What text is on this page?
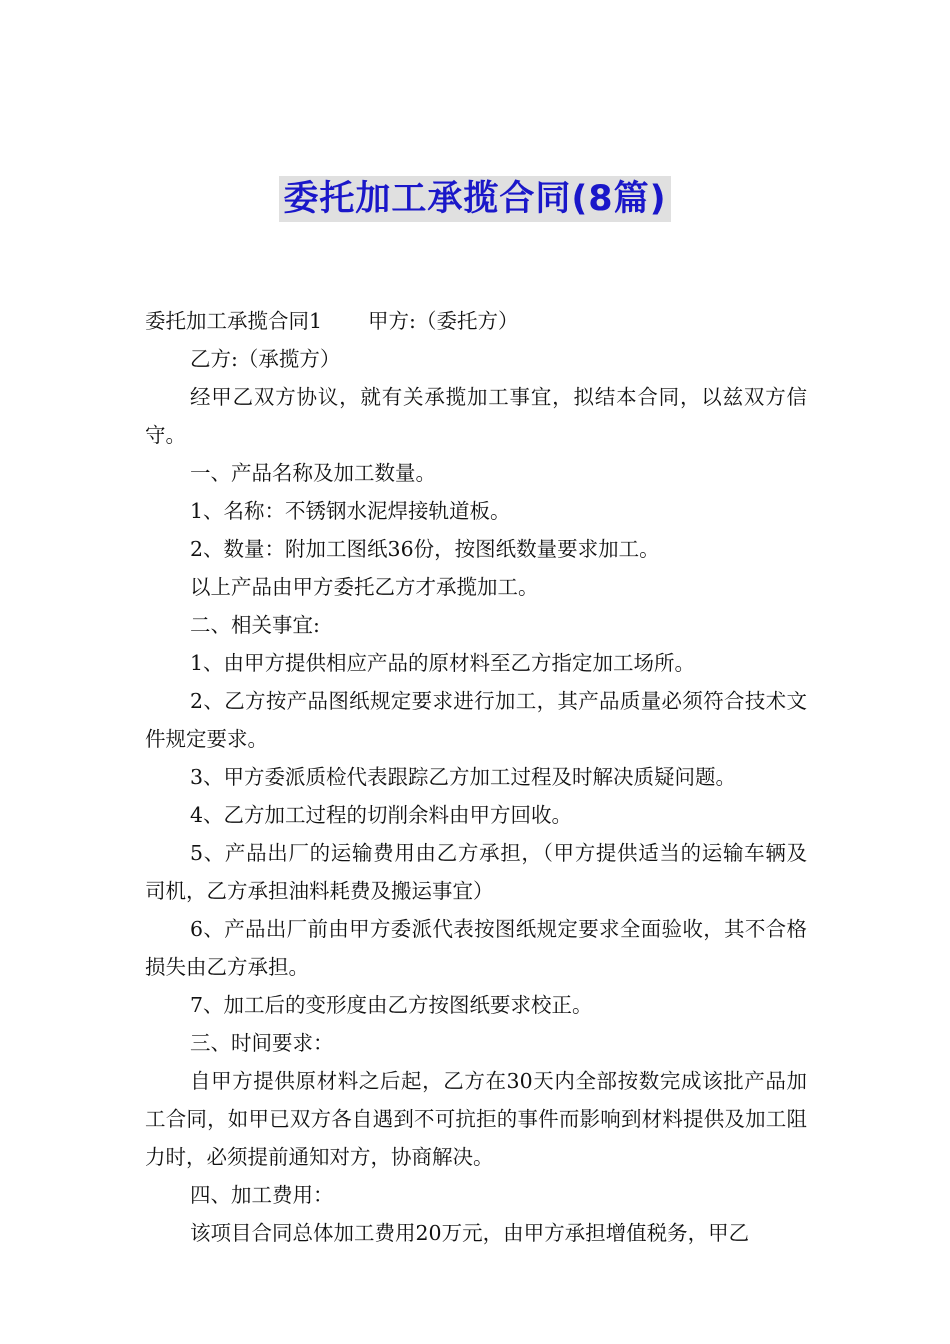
委托加工承揽合同(8篇)

委托加工承揽合同1 甲方:（委托方）

乙方:（承揽方）

经甲乙双方协议，就有关承揽加工事宜，拟结本合同，以兹双方信守。

一、产品名称及加工数量。

1、名称：不锈钢水泥焊接轨道板。

2、数量：附加工图纸36份，按图纸数量要求加工。

以上产品由甲方委托乙方才承揽加工。

二、相关事宜:

1、由甲方提供相应产品的原材料至乙方指定加工场所。

2、乙方按产品图纸规定要求进行加工，其产品质量必须符合技术文件规定要求。

3、甲方委派质检代表跟踪乙方加工过程及时解决质疑问题。

4、乙方加工过程的切削余料由甲方回收。

5、产品出厂的运输费用由乙方承担，（甲方提供适当的运输车辆及司机，乙方承担油料耗费及搬运事宜）

6、产品出厂前由甲方委派代表按图纸规定要求全面验收，其不合格损失由乙方承担。

7、加工后的变形度由乙方按图纸要求校正。

三、时间要求：

自甲方提供原材料之后起，乙方在30天内全部按数完成该批产品加工合同，如甲已双方各自遇到不可抗拒的事件而影响到材料提供及加工阻力时，必须提前通知对方，协商解决。

四、加工费用：

该项目合同总体加工费用20万元，由甲方承担增值税务，甲乙
